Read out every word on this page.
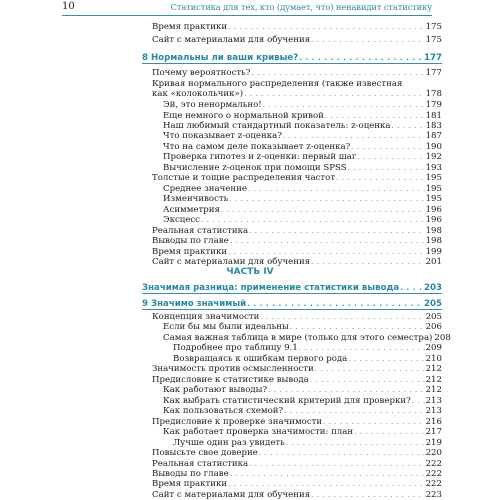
10	Статистика для тех, кто (думает, что) ненавидит статистику
Время практики . . .	175
Сайт с материалами для обучения . . .	175
8 Нормальны ли ваши кривые? . . .	177
Почему вероятность? . . .	177
Кривая нормального распределения (также известная
как «колокольчик») . . .	178
Эй, это ненормально! . . .	179
Еще немного о нормальной кривой . . .	181
Наш любимый стандартный показатель: z-оценка . . .	183
Что показывает z-оценка? . . .	187
Что на самом деле показывает z-оценка? . . .	190
Проверка гипотез и z-оценки: первый шаг . . .	192
Вычисление z-оценок при помощи SPSS . . .	193
Толстые и тощие распределения частот . . .	195
Среднее значение . . .	195
Изменчивость . . .	195
Асимметрия . . .	196
Эксцесс . . .	196
Реальная статистика . . .	198
Выводы по главе . . .	198
Время практики . . .	199
Сайт с материалами для обучения . . .	201
Значимая разница: применение статистики вывода . . .	203
9 Значимо значимый . . .	205
Концепция значимости . . .	205
Если бы мы были идеальны . . .	206
Самая важная таблица в мире (только для этого семестра) 208
Подробнее про таблицу 9.1 . . .	209
Возвращаясь к ошибкам первого рода . . .	210
Значимость против осмысленности . . .	212
Предисловие к статистике вывода . . .	212
Как работают выводы? . . .	212
Как выбрать статистический критерий для проверки? . . . 213
Как пользоваться схемой? . . .	213
Предисловие к проверке значимости . . .	216
Как работает проверка значимости: план . . .	217
Лучше один раз увидеть . . .	219
Повысьте свое доверие . . .	220
Реальная статистика . . .	222
Выводы по главе . . .	222
Время практики . . .	222
Сайт с материалами для обучения . . .	223
ЧАСТЬ IV
